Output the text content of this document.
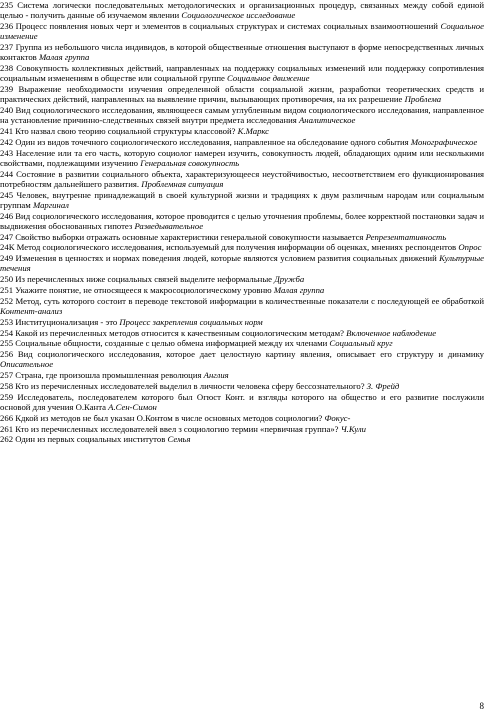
235 Система логически последовательных методологических и организационных процедур, связанных между собой единой целью - получить данные об изучаемом явлении Социологическое исследование
236 Процесс появления новых черт и элементов в социальных структурах и системах социальных взаимоотношений Социальное изменение
237 Группа из небольшого числа индивидов, в которой общественные отношения выступают в форме непосредственных личных контактов Малая группа
238 Совокупность коллективных действий, направленных на поддержку социальных изменений или поддержку сопротивления социальным изменениям в обществе или социальной группе Социальное движение
239 Выражение необходимости изучения определенной области социальной жизни, разработки теоретических средств и практических действий, направленных на выявление причин, вызывающих противоречия, на их разрешение Проблема
240 Вид социологического исследования, являющееся самым углубленным видом социологического исследования, направленное на установление причинно-следственных связей внутри предмета исследования Аналитическое
241 Кто назвал свою теорию социальной структуры классовой? К.Маркс
242 Один из видов точечного социологического исследования, направленное на обследование одного события Монографическое
243 Население или та его часть, которую социолог намерен изучить, совокупность людей, обладающих одним или несколькими свойствами, подлежащими изучению Генеральная совокупность
244 Состояние в развитии социального объекта, характеризующееся неустойчивостью, несоответствием его функционирования потребностям дальнейшего развития. Проблемная ситуация
245 Человек, внутренне принадлежащий в своей культурной жизни и традициях к двум различным народам или социальным группам Маргинал
246 Вид социологического исследования, которое проводится с целью уточнения проблемы, более корректной постановки задач и выдвижения обоснованных гипотез Разведывательное
247 Свойство выборки отражать основные характеристики генеральной совокупности называется Репрезентативность
24К Метод социологического исследования, используемый для получения информации об оценках, мнениях респондентов Опрос
249 Изменения в ценностях и нормах поведения людей, которые являются условием развития социальных движений Культурные течения
250 Из перечисленных ниже социальных связей выделите неформальные Дружба
251 Укажите понятие, не относящееся к макросоциологическому уровню Малая группа
252 Метод, суть которого состоит в переводе текстовой информации в количественные показатели с последующей ее обработкой Контент-анализ
253 Институционализация - это Процесс закрепления социальных норм
254 Какой из перечисленных методов относится к качественным социологическим методам? Включенное наблюдение
255 Социальные общности, созданные с целью обмена информацией между их членами Социальный круг
256 Вид социологического исследования, которое дает целостную картину явления, описывает его структуру и динамику Описательное
257 Страна, где произошла промышленная революция Англия
258 Кто из перечисленных исследователей выделил в личности человека сферу бессознательного? З. Фрейд
259 Исследователь, последователем которого был Огюст Конт. и взгляды которого на общество и его развитие послужили основой для учения О.Канта А.Сен-Симон
266 Кдкой из методов не был указан О.Контом в числе основных методов социологии? Фокус-
261 Кто из перечисленных исследователей ввел з социологию термин «первичная группа»? Ч.Кули
262 Один из первых социальных институтов Семья
8
